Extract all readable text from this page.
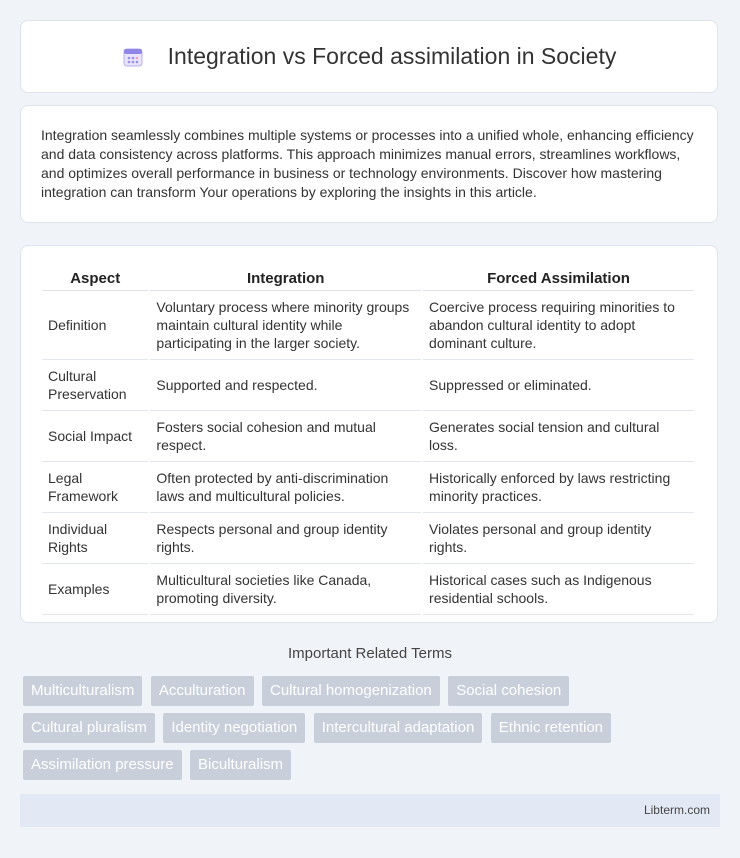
Integration vs Forced assimilation in Society

Integration seamlessly combines multiple systems or processes into a unified whole, enhancing efficiency and data consistency across platforms. This approach minimizes manual errors, streamlines workflows, and optimizes overall performance in business or technology environments. Discover how mastering integration can transform Your operations by exploring the insights in this article.

Aspect	Integration	Forced Assimilation
Definition	Voluntary process where minority groups maintain cultural identity while participating in the larger society.	Coercive process requiring minorities to abandon cultural identity to adopt dominant culture.
Cultural Preservation	Supported and respected.	Suppressed or eliminated.
Social Impact	Fosters social cohesion and mutual respect.	Generates social tension and cultural loss.
Legal Framework	Often protected by anti-discrimination laws and multicultural policies.	Historically enforced by laws restricting minority practices.
Individual Rights	Respects personal and group identity rights.	Violates personal and group identity rights.
Examples	Multicultural societies like Canada, promoting diversity.	Historical cases such as Indigenous residential schools.
Important Related Terms
Multiculturalism Acculturation Cultural homogenization Social cohesion Cultural pluralism Identity negotiation Intercultural adaptation Ethnic retention Assimilation pressure Biculturalism
Libterm.com
